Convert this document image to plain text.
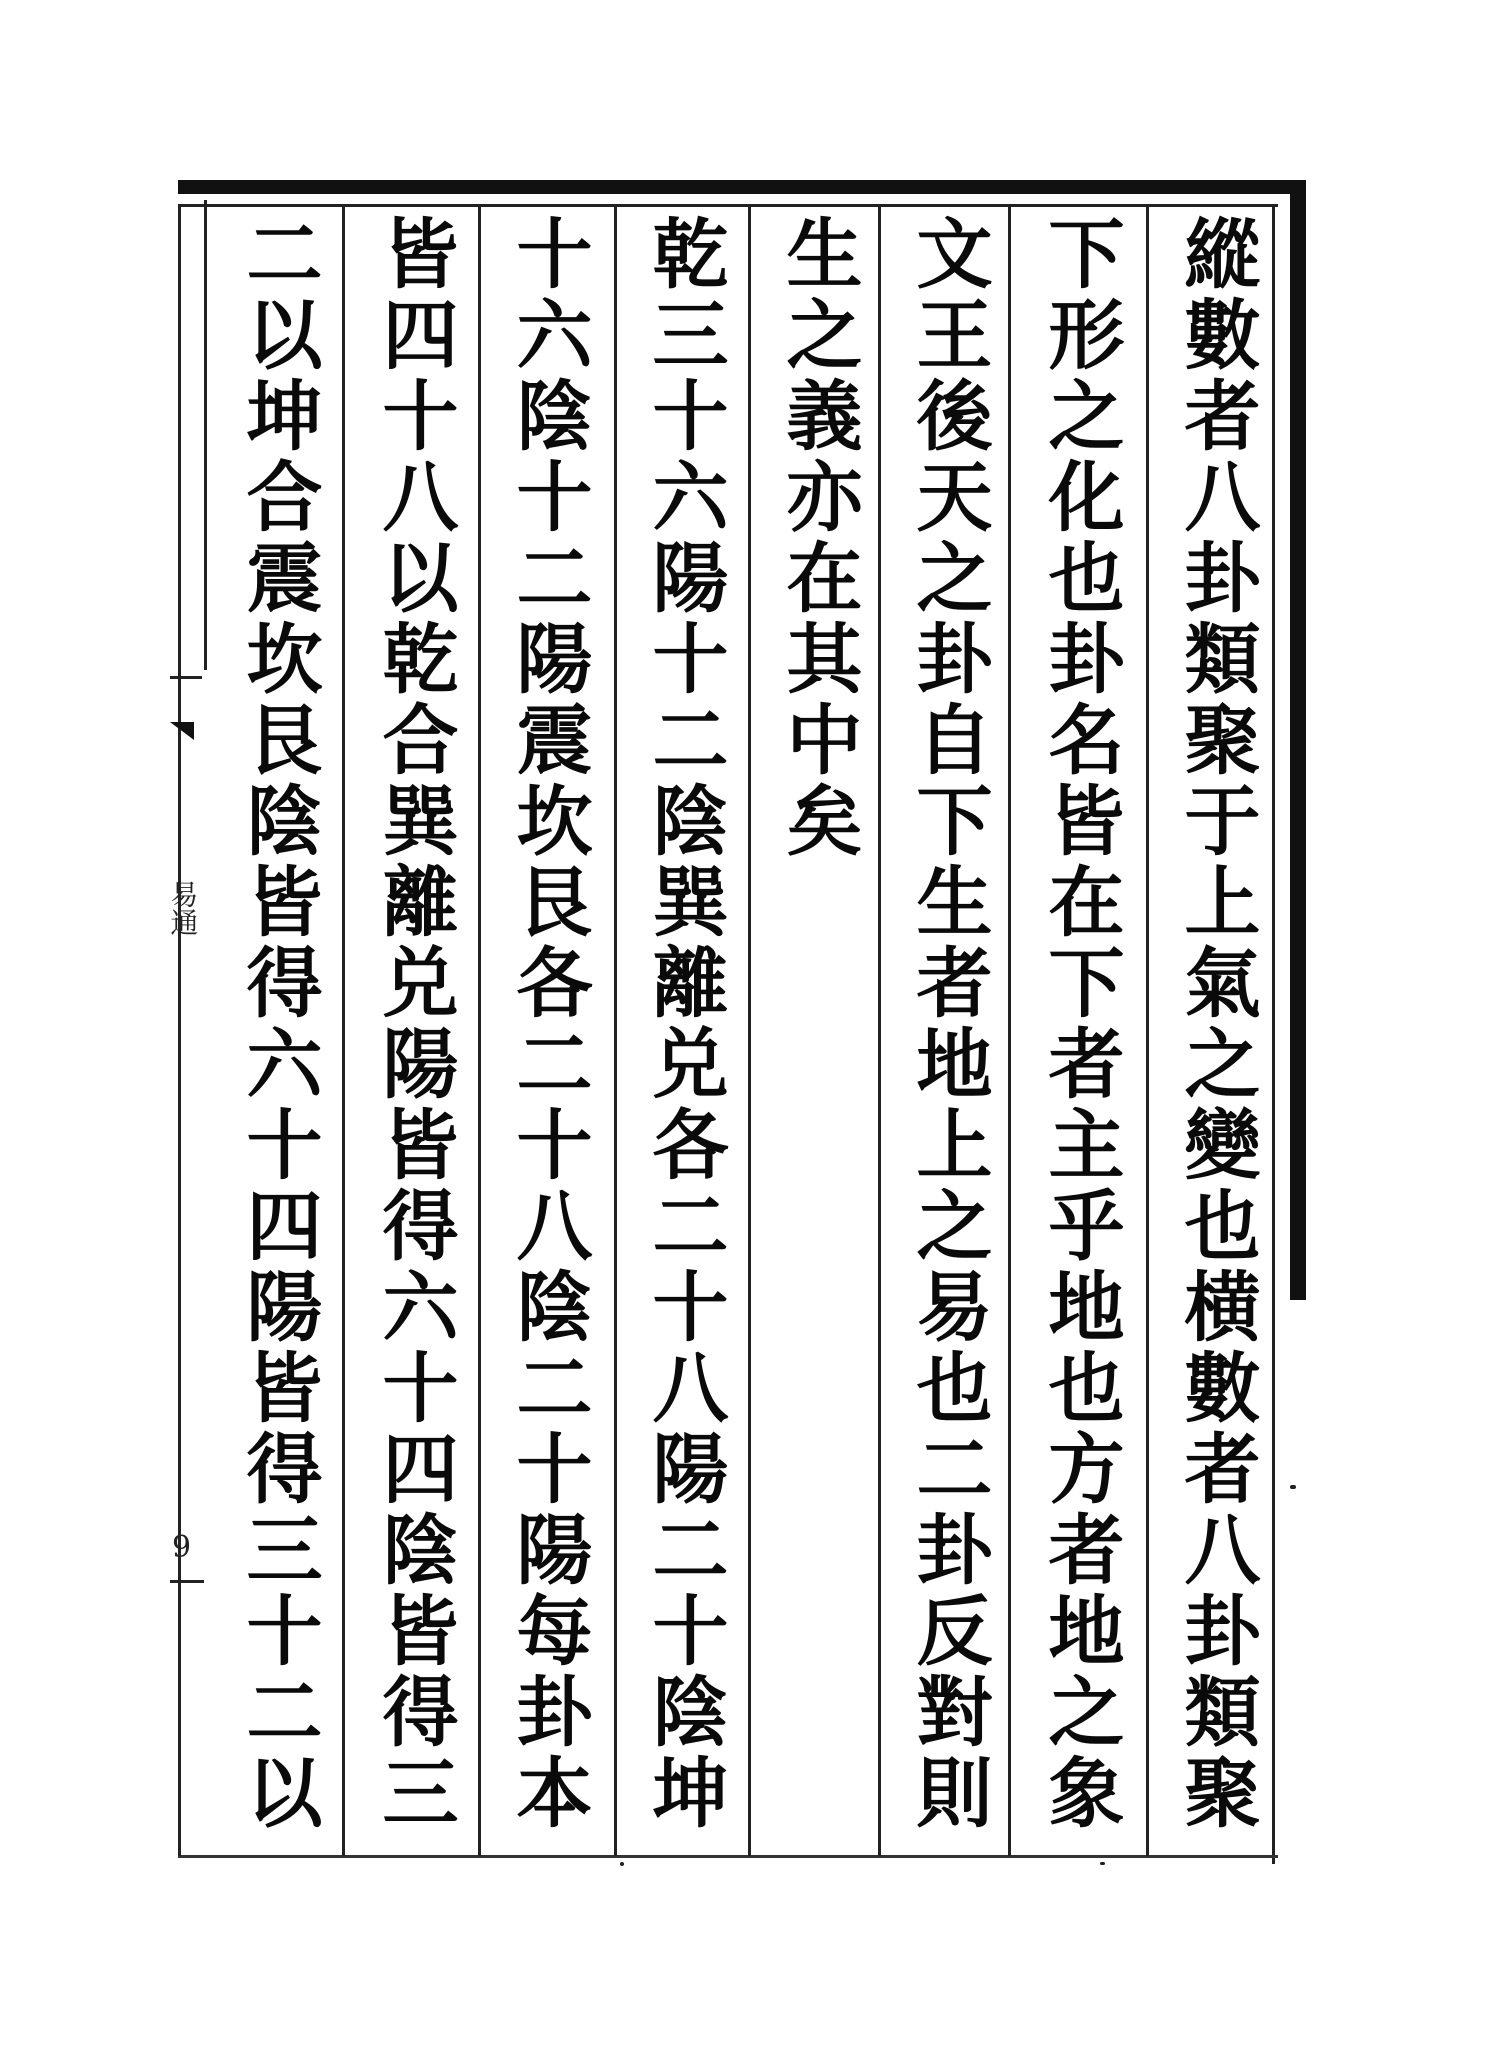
易通
9
縱數者八卦類聚于上氣之變也横數者八卦類聚
下形之化也卦名皆在下者主乎地也方者地之象
文王後天之卦自下生者地上之易也二卦反對則
生之義亦在其中矣
乾三十六陽十二陰巽離兑各二十八陽二十陰坤
十六陰十二陽震坎艮各二十八陰二十陽每卦本
皆四十八以乾合巽離兑陽皆得六十四陰皆得三
二以坤合震坎艮陰皆得六十四陽皆得三十二以
